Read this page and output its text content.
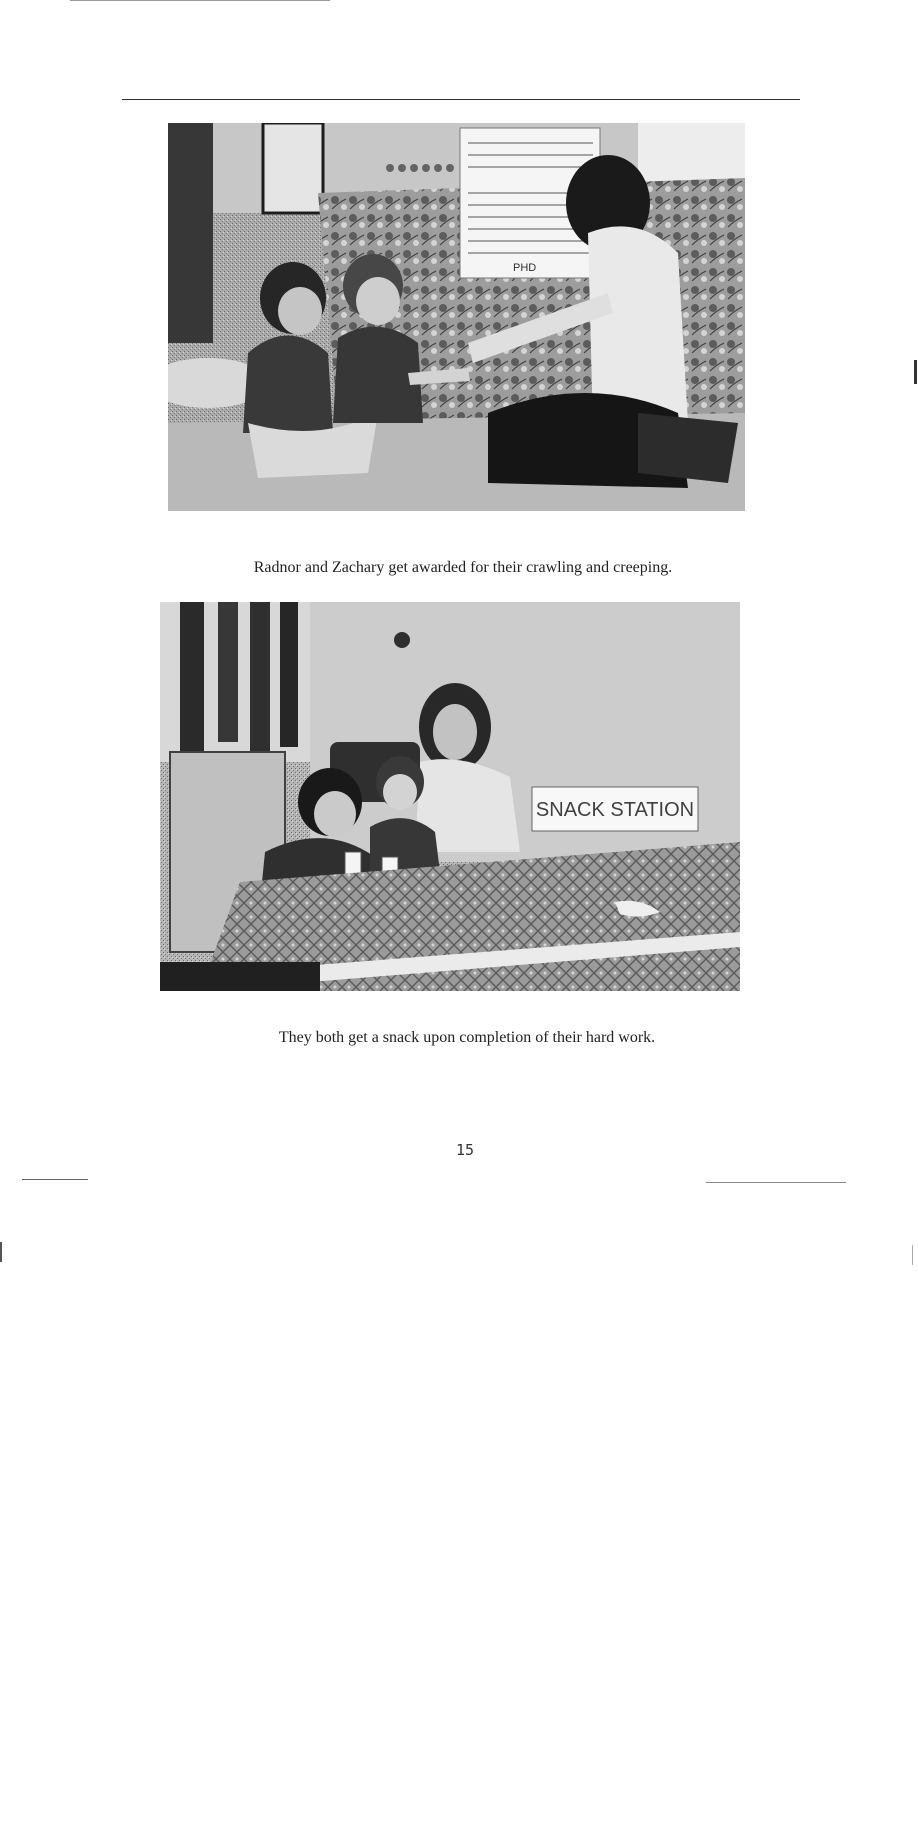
PHD
Radnor and Zachary get awarded for their crawling and creeping.
SNACK STATION
They both get a snack upon completion of their hard work.
15
